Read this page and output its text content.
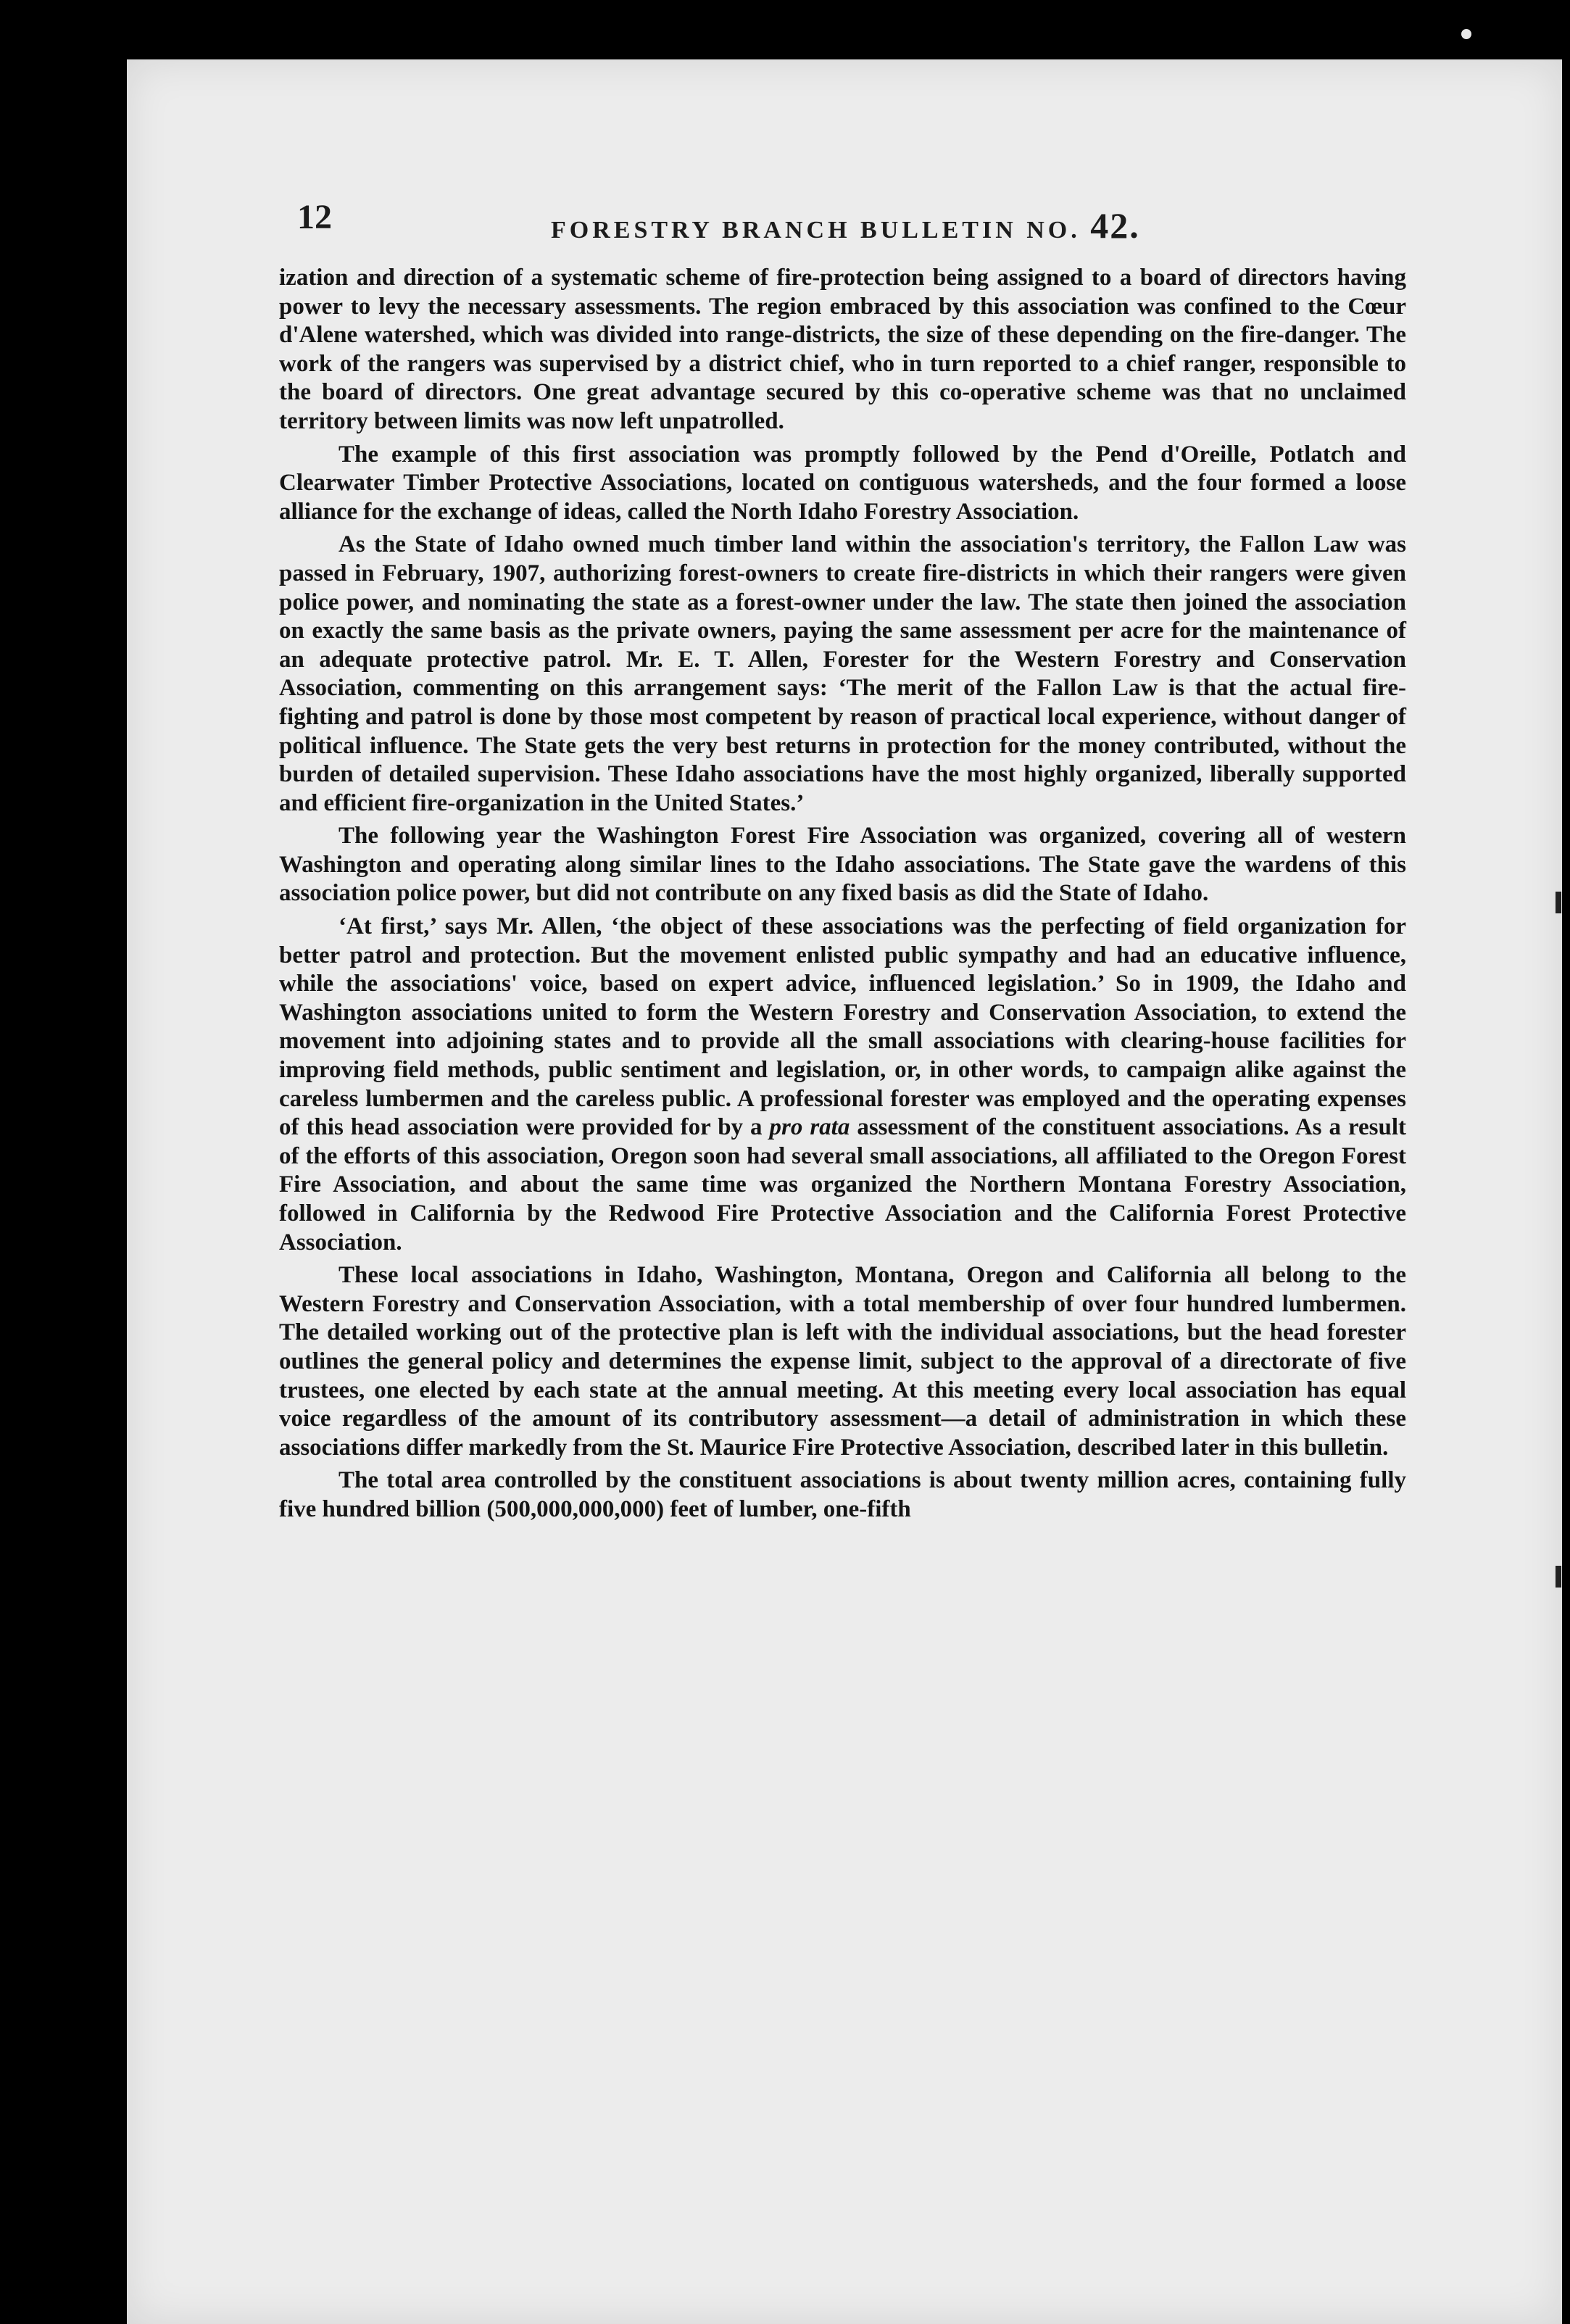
12	FORESTRY BRANCH BULLETIN NO. 42.

ization and direction of a systematic scheme of fire-protection being assigned to a board of directors having power to levy the necessary assessments. The region embraced by this association was confined to the Cœur d'Alene watershed, which was divided into range-districts, the size of these depending on the fire-danger. The work of the rangers was supervised by a district chief, who in turn reported to a chief ranger, responsible to the board of directors. One great advantage secured by this co-operative scheme was that no unclaimed territory between limits was now left unpatrolled.

The example of this first association was promptly followed by the Pend d'Oreille, Potlatch and Clearwater Timber Protective Associations, located on contiguous watersheds, and the four formed a loose alliance for the exchange of ideas, called the North Idaho Forestry Association.

As the State of Idaho owned much timber land within the association's territory, the Fallon Law was passed in February, 1907, authorizing forest-owners to create fire-districts in which their rangers were given police power, and nominating the state as a forest-owner under the law. The state then joined the association on exactly the same basis as the private owners, paying the same assessment per acre for the maintenance of an adequate protective patrol. Mr. E. T. Allen, Forester for the Western Forestry and Conservation Association, commenting on this arrangement says: ‘The merit of the Fallon Law is that the actual fire-fighting and patrol is done by those most competent by reason of practical local experience, without danger of political influence. The State gets the very best returns in protection for the money contributed, without the burden of detailed supervision. These Idaho associations have the most highly organized, liberally supported and efficient fire-organization in the United States.’

The following year the Washington Forest Fire Association was organized, covering all of western Washington and operating along similar lines to the Idaho associations. The State gave the wardens of this association police power, but did not contribute on any fixed basis as did the State of Idaho.

‘At first,’ says Mr. Allen, ‘the object of these associations was the perfecting of field organization for better patrol and protection. But the movement enlisted public sympathy and had an educative influence, while the associations' voice, based on expert advice, influenced legislation.’ So in 1909, the Idaho and Washington associations united to form the Western Forestry and Conservation Association, to extend the movement into adjoining states and to provide all the small associations with clearing-house facilities for improving field methods, public sentiment and legislation, or, in other words, to campaign alike against the careless lumbermen and the careless public. A professional forester was employed and the operating expenses of this head association were provided for by a pro rata assessment of the constituent associations. As a result of the efforts of this association, Oregon soon had several small associations, all affiliated to the Oregon Forest Fire Association, and about the same time was organized the Northern Montana Forestry Association, followed in California by the Redwood Fire Protective Association and the California Forest Protective Association.

These local associations in Idaho, Washington, Montana, Oregon and California all belong to the Western Forestry and Conservation Association, with a total membership of over four hundred lumbermen. The detailed working out of the protective plan is left with the individual associations, but the head forester outlines the general policy and determines the expense limit, subject to the approval of a directorate of five trustees, one elected by each state at the annual meeting. At this meeting every local association has equal voice regardless of the amount of its contributory assessment—a detail of administration in which these associations differ markedly from the St. Maurice Fire Protective Association, described later in this bulletin.

The total area controlled by the constituent associations is about twenty million acres, containing fully five hundred billion (500,000,000,000) feet of lumber, one-fifth
